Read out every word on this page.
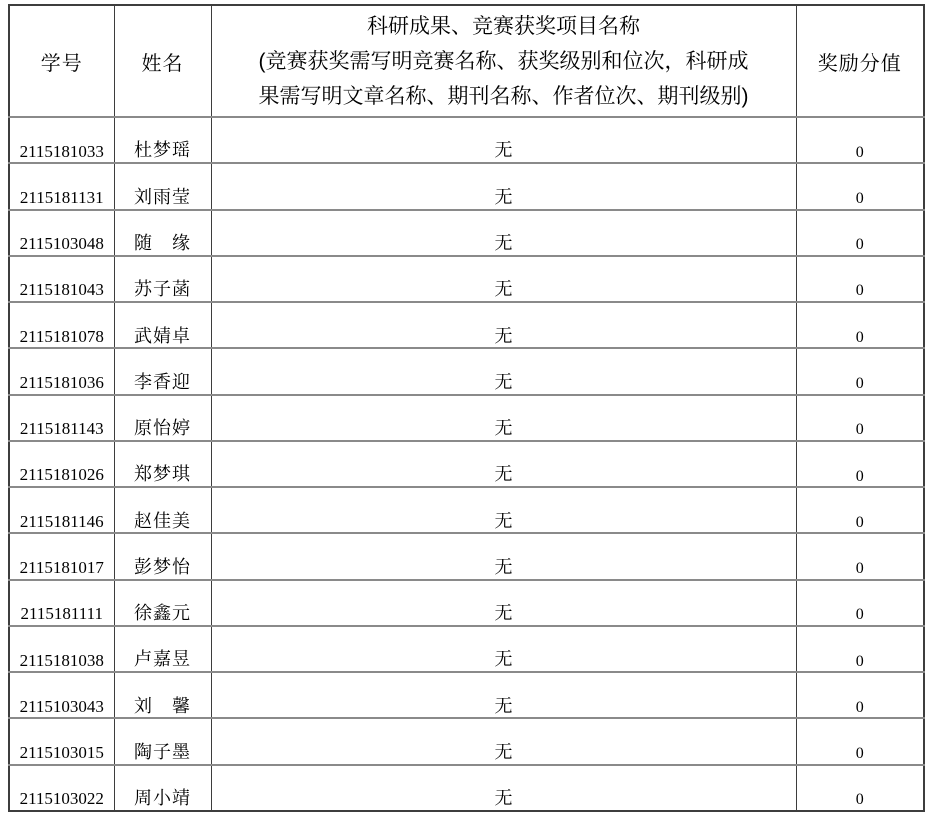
学号	姓名	科研成果、竞赛获奖项目名称
(竞赛获奖需写明竞赛名称、获奖级别和位次，科研成
果需写明文章名称、期刊名称、作者位次、期刊级别)	奖励分值
2115181033	杜梦瑶	无	0
2115181131	刘雨莹	无	0
2115103048	随　缘	无	0
2115181043	苏子菡	无	0
2115181078	武婧卓	无	0
2115181036	李香迎	无	0
2115181143	原怡婷	无	0
2115181026	郑梦琪	无	0
2115181146	赵佳美	无	0
2115181017	彭梦怡	无	0
2115181111	徐鑫元	无	0
2115181038	卢嘉昱	无	0
2115103043	刘　馨	无	0
2115103015	陶子墨	无	0
2115103022	周小靖	无	0
